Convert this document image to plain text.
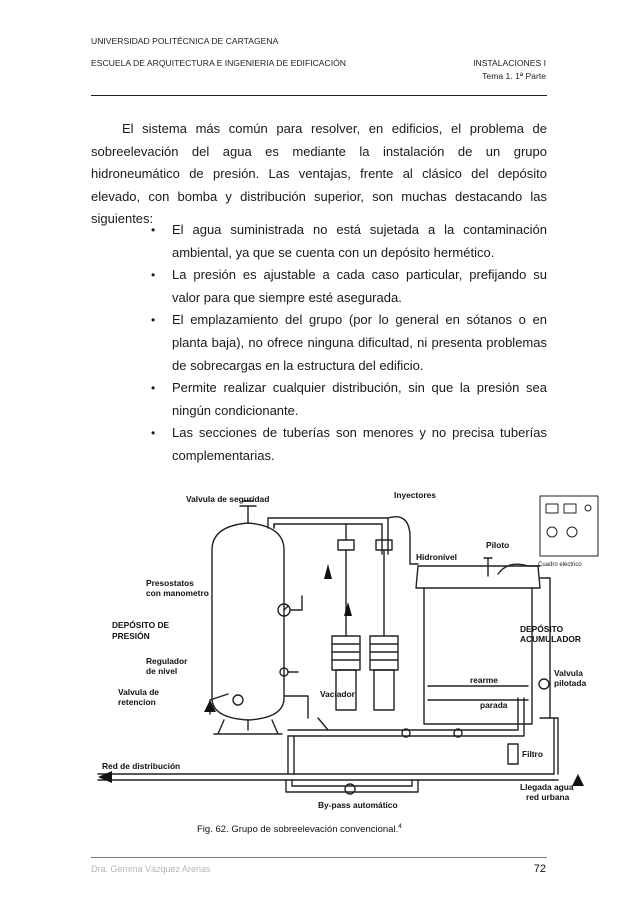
UNIVERSIDAD POLITÉCNICA DE CARTAGENA
ESCUELA DE ARQUITECTURA E INGENIERIA DE EDIFICACIÓN	INSTALACIONES I
Tema 1. 1ª Parte

El sistema más común para resolver, en edificios, el problema de sobreelevación del agua es mediante la instalación de un grupo hidroneumático de presión. Las ventajas, frente al clásico del depósito elevado, con bomba y distribución superior, son muchas destacando las siguientes:

• El agua suministrada no está sujetada a la contaminación ambiental, ya que se cuenta con un depósito hermético.
• La presión es ajustable a cada caso particular, prefijando su valor para que siempre esté asegurada.
• El emplazamiento del grupo (por lo general en sótanos o en planta baja), no ofrece ninguna dificultad, ni presenta problemas de sobrecargas en la estructura del edificio.
• Permite realizar cualquier distribución, sin que la presión sea ningún condicionante.
• Las secciones de tuberías son menores y no precisa tuberías complementarias.
Valvula de seguridad	Inyectores
Presostatos
con manometro
DEPÓSITO DE
PRESIÓN
Regulador
de nivel
Valvula de
retencion
Vaciador
Hidronivel
Piloto
Cuadro eléctrico
DEPÓSITO
ACUMULADOR
Valvula
pilotada
rearme
parada
Filtro
Red de distribución
Llegada agua
red urbana
By-pass automático
Fig. 62. Grupo de sobreelevación convencional.$^4$
Dra. Gemma Vázquez Arenas	72
